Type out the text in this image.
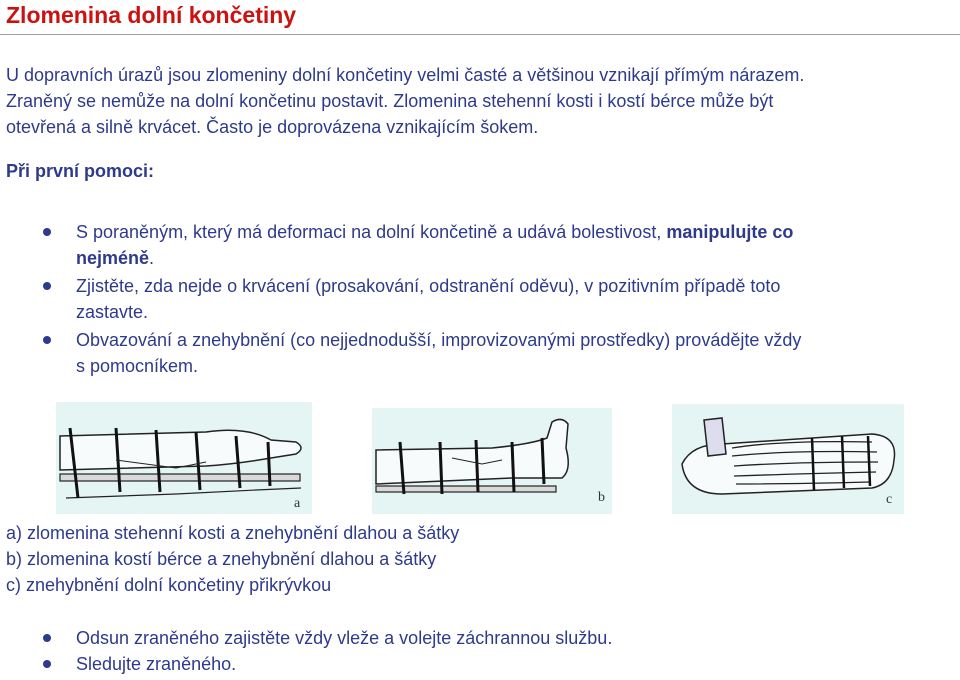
Zlomenina dolní končetiny
U dopravních úrazů jsou zlomeniny dolní končetiny velmi časté a většinou vznikají přímým nárazem.
Zraněný se nemůže na dolní končetinu postavit. Zlomenina stehenní kosti i kostí bérce může být
otevřená a silně krvácet. Často je doprovázena vznikajícím šokem.
Při první pomoci:
S poraněným, který má deformaci na dolní končetině a udává bolestivost, manipulujte co
nejméně.
Zjistěte, zda nejde o krvácení (prosakování, odstranění oděvu), v pozitivním případě toto
zastavte.
Obvazování a znehybnění (co nejjednodušší, improvizovanými prostředky) provádějte vždy
s pomocníkem.
a	b	c
a) zlomenina stehenní kosti a znehybnění dlahou a šátky
b) zlomenina kostí bérce a znehybnění dlahou a šátky
c) znehybnění dolní končetiny přikrývkou
Odsun zraněného zajistěte vždy vleže a volejte záchrannou službu.
Sledujte zraněného.
